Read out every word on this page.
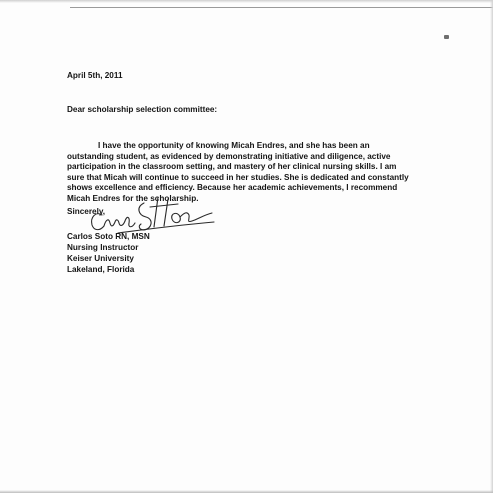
April 5th, 2011
Dear scholarship selection committee:
I have the opportunity of knowing Micah Endres, and she has been an
outstanding student, as evidenced by demonstrating initiative and diligence, active
participation in the classroom setting, and mastery of her clinical nursing skills. I am
sure that Micah will continue to succeed in her studies. She is dedicated and constantly
shows excellence and efficiency. Because her academic achievements, I recommend
Micah Endres for the scholarship.
Sincerely,
Carlos Soto RN, MSN
Nursing Instructor
Keiser University
Lakeland, Florida
